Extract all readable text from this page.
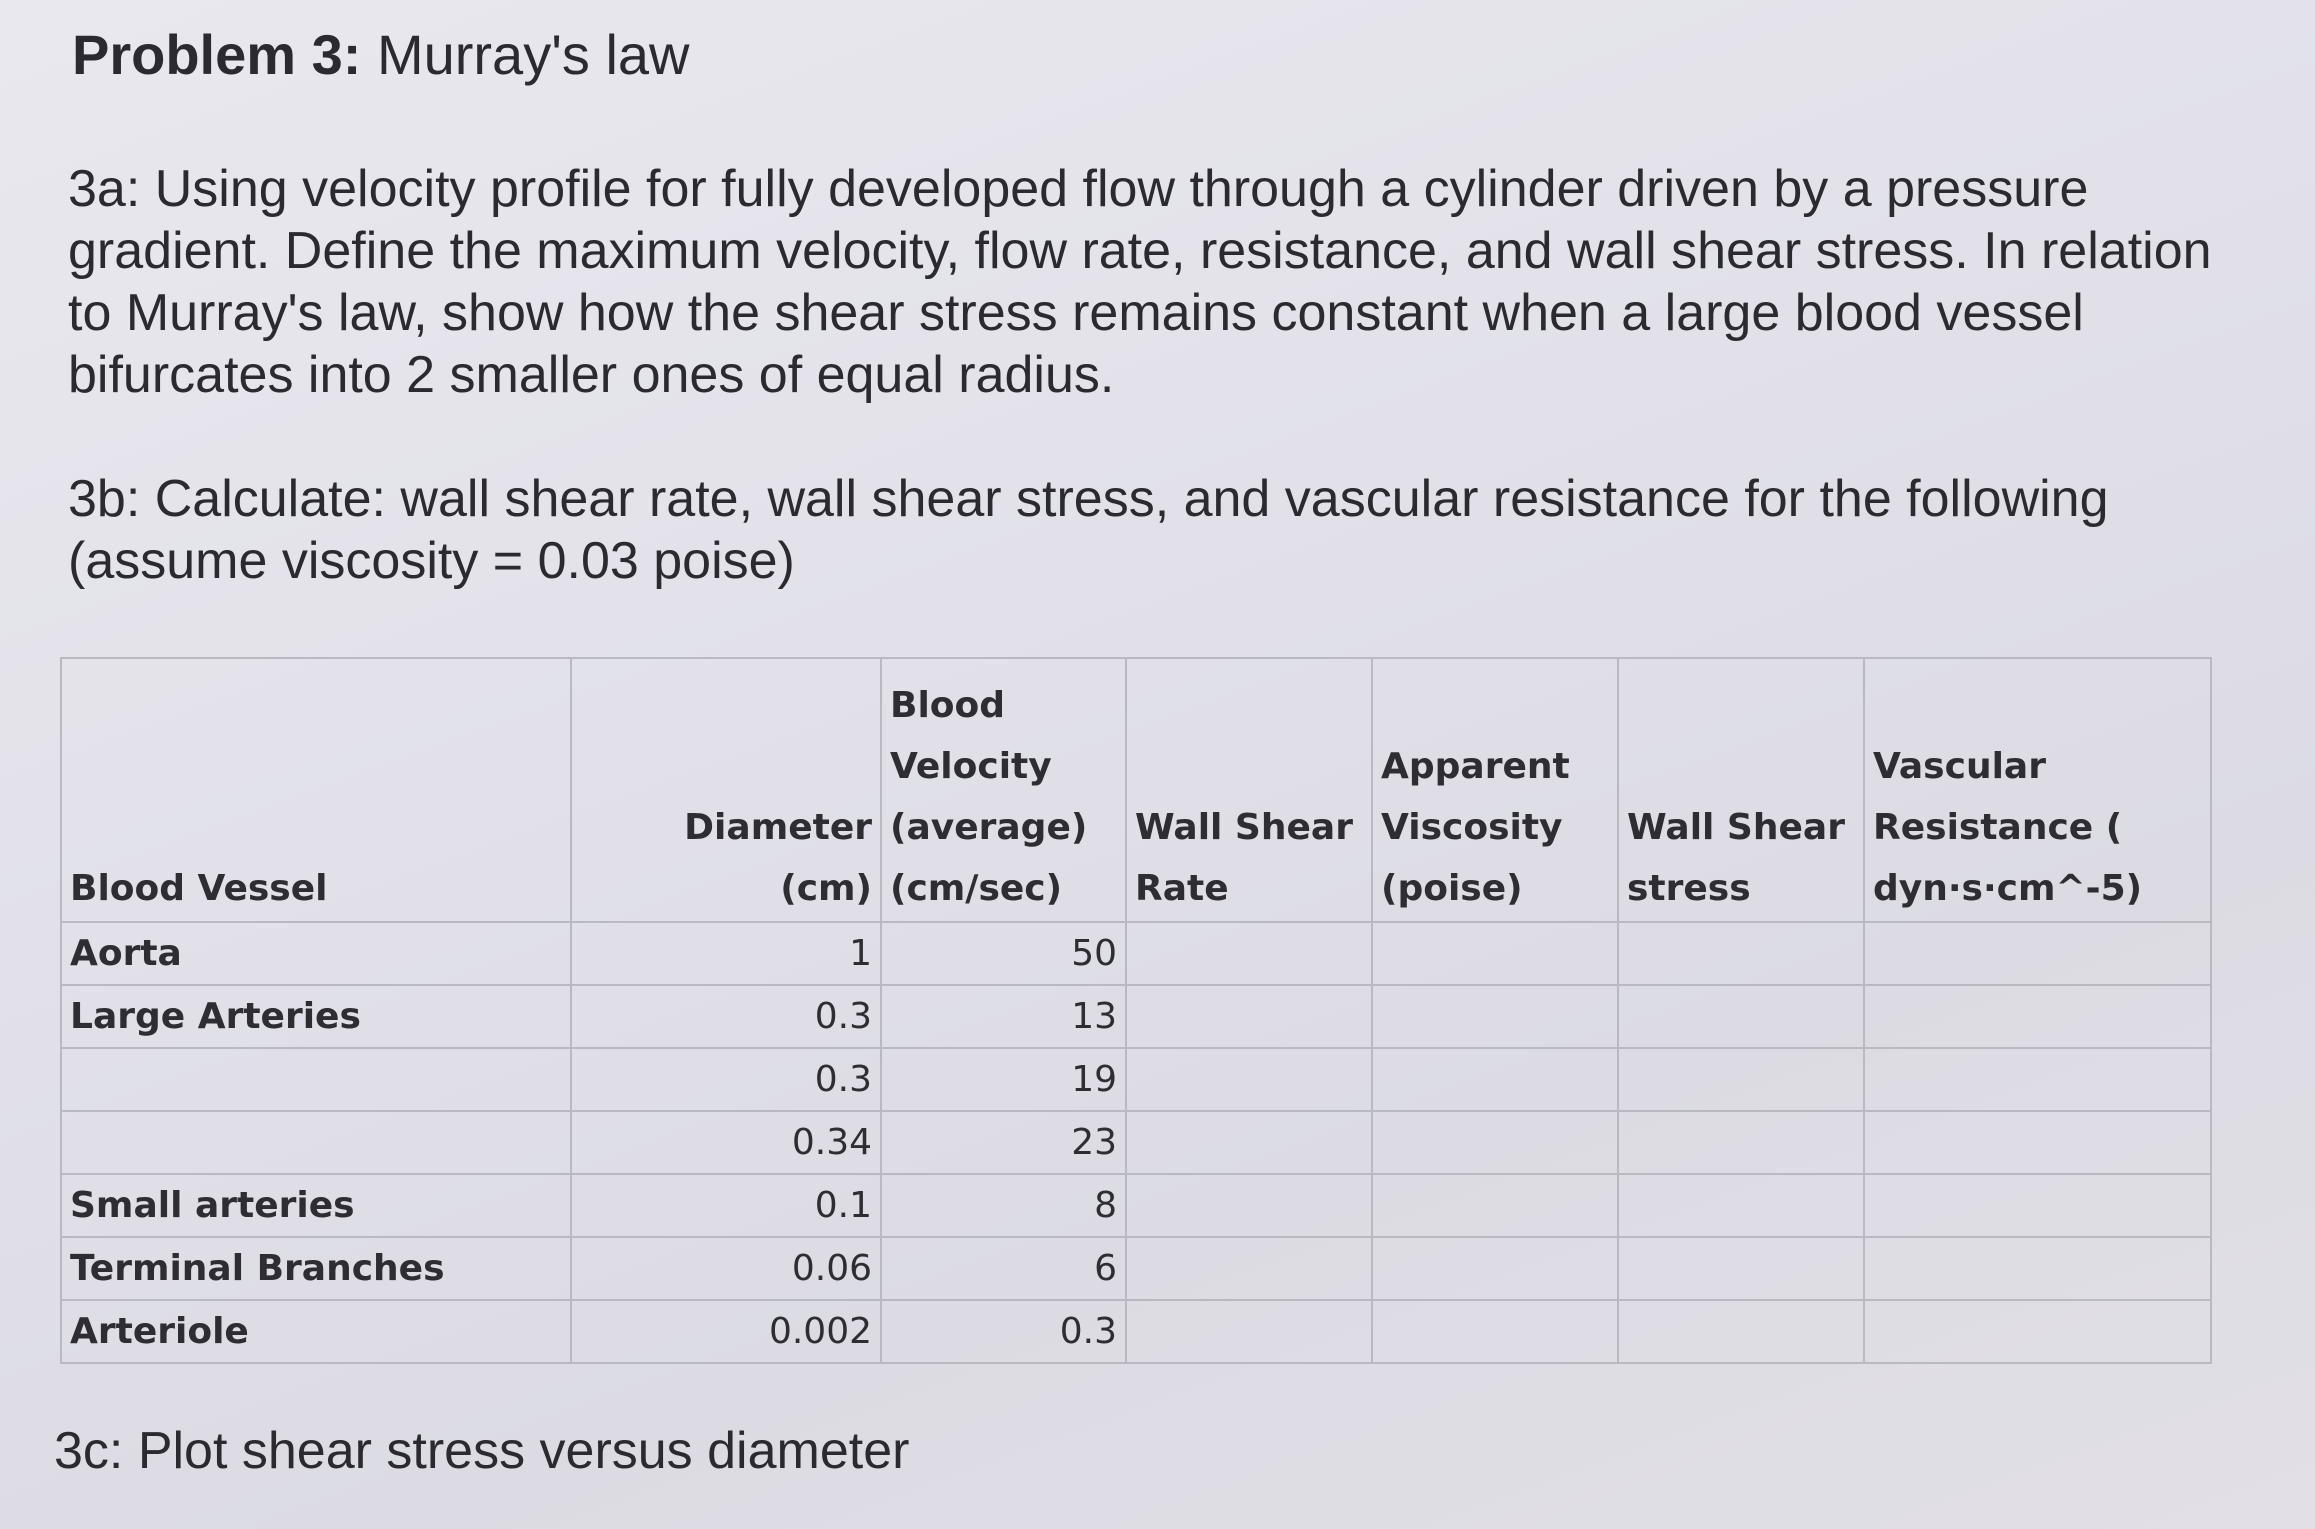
Problem 3: Murray's law

3a: Using velocity profile for fully developed flow through a cylinder driven by a pressure gradient. Define the maximum velocity, flow rate, resistance, and wall shear stress. In relation to Murray's law, show how the shear stress remains constant when a large blood vessel bifurcates into 2 smaller ones of equal radius.

3b: Calculate: wall shear rate, wall shear stress, and vascular resistance for the following (assume viscosity = 0.03 poise)

Blood Vessel	Diameter (cm)	Blood Velocity (average) (cm/sec)	Wall Shear Rate	Apparent Viscosity (poise)	Wall Shear stress	Vascular Resistance ( dyn·s·cm^-5)
Aorta	1	50				
Large Arteries	0.3	13				
	0.3	19				
	0.34	23				
Small arteries	0.1	8				
Terminal Branches	0.06	6				
Arteriole	0.002	0.3				

3c: Plot shear stress versus diameter
